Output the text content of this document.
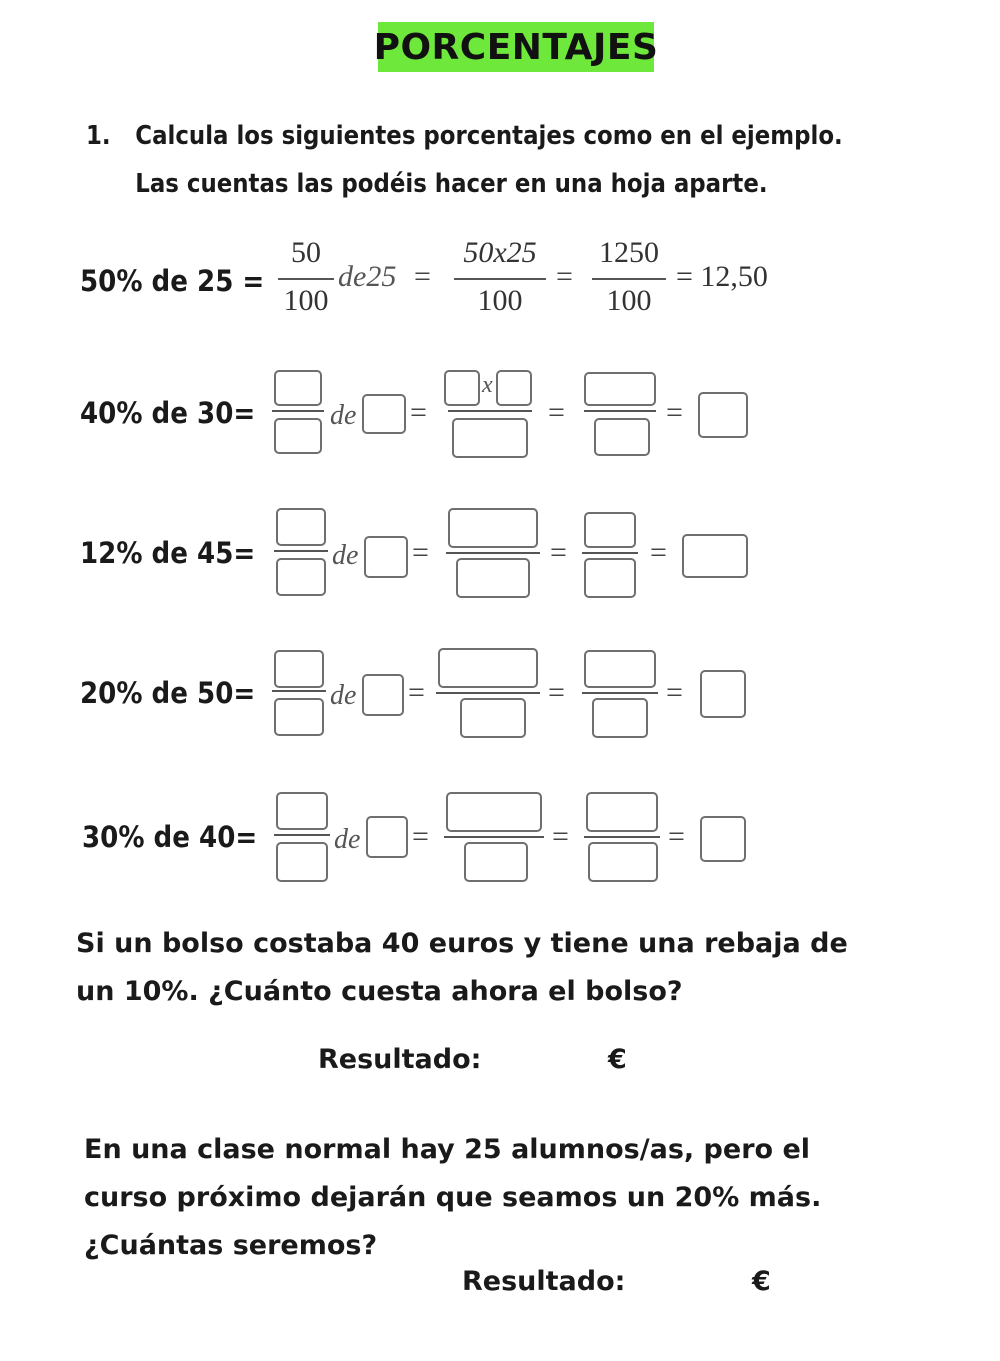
PORCENTAJES
1. Calcula los siguientes porcentajes como en el ejemplo.
Las cuentas las podéis hacer en una hoja aparte.
50% de 25 =
50
100
de25 =
50x25
100
=
1250
100
= 12,50
40% de 30=	de =
x
=	=
12% de 45=	de =	=	=
20% de 50=	de =	=	=
30% de 40=	de =	=	=
Si un bolso costaba 40 euros y tiene una rebaja de
un 10%. ¿Cuánto cuesta ahora el bolso?
Resultado:	€
En una clase normal hay 25 alumnos/as, pero el
curso próximo dejarán que seamos un 20% más.
¿Cuántas seremos?
Resultado:	€
